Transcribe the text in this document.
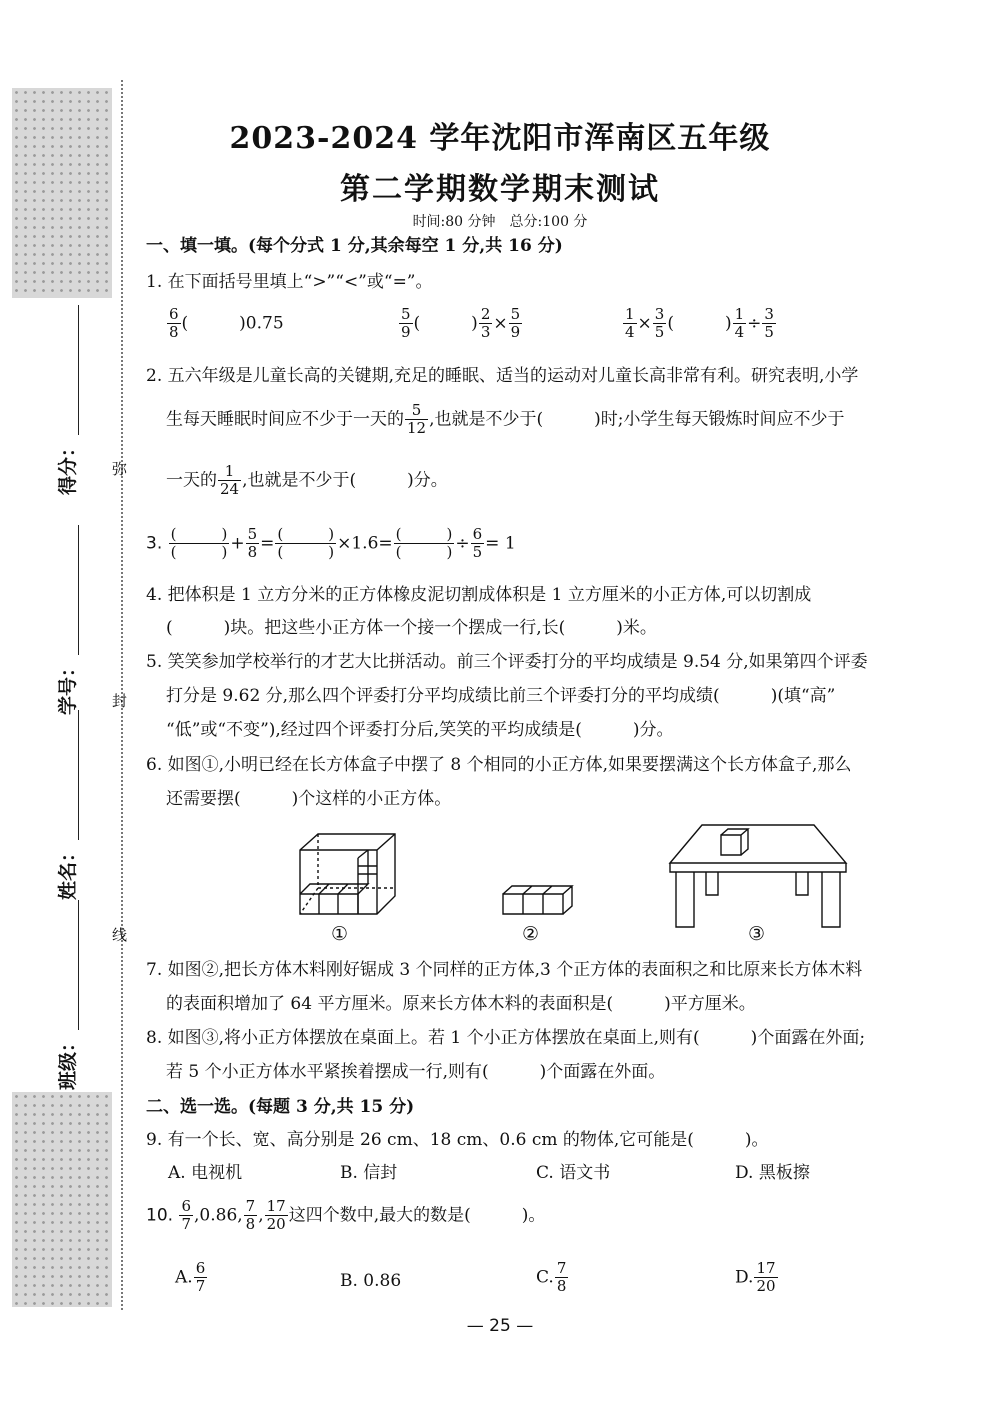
弥
封
线
得分：
学号：
姓名：
班级：
2023-2024 学年沈阳市浑南区五年级
第二学期数学期末测试
时间:80 分钟　总分:100 分
一、填一填。(每个分式 1 分,其余每空 1 分,共 16 分)
1. 在下面括号里填上“>”“<”或“=”。
$\frac{6}{8}$ (　　　)0.75	$\frac{5}{9}$ (　　　) $\frac{2}{3} \times \frac{5}{9}$	$\frac{1}{4} \times \frac{3}{5}$ (　　　) $\frac{1}{4} \div \frac{3}{5}$
2. 五六年级是儿童长高的关键期,充足的睡眠、适当的运动对儿童长高非常有利。研究表明,小学
生每天睡眠时间应不少于一天的 $\frac{5}{12}$ ,也就是不少于(　　　)时;小学生每天锻炼时间应不少于
一天的 $\frac{1}{24}$ ,也就是不少于(　　　)分。
3. $\frac{( )}{( )} + \frac{5}{8} = \frac{( )}{( )} \times 1.6= \frac{( )}{( )} \div \frac{6}{5} = 1$
4. 把体积是 1 立方分米的正方体橡皮泥切割成体积是 1 立方厘米的小正方体,可以切割成
(　　　)块。把这些小正方体一个接一个摆成一行,长(　　　)米。
5. 笑笑参加学校举行的才艺大比拼活动。前三个评委打分的平均成绩是 9.54 分,如果第四个评委
打分是 9.62 分,那么四个评委打分平均成绩比前三个评委打分的平均成绩(　　　)(填“高”
“低”或“不变”),经过四个评委打分后,笑笑的平均成绩是(　　　)分。
6. 如图①,小明已经在长方体盒子中摆了 8 个相同的小正方体,如果要摆满这个长方体盒子,那么
还需要摆(　　　)个这样的小正方体。
①	②	③
7. 如图②,把长方体木料刚好锯成 3 个同样的正方体,3 个正方体的表面积之和比原来长方体木料
的表面积增加了 64 平方厘米。原来长方体木料的表面积是(　　　)平方厘米。
8. 如图③,将小正方体摆放在桌面上。若 1 个小正方体摆放在桌面上,则有(　　　)个面露在外面;
若 5 个小正方体水平紧挨着摆成一行,则有(　　　)个面露在外面。
二、选一选。(每题 3 分,共 15 分)
9. 有一个长、宽、高分别是 26 cm、18 cm、0.6 cm 的物体,它可能是(　　　)。
A. 电视机	B. 信封	C. 语文书	D. 黑板擦
10. $\frac{6}{7} ,0.86$, $\frac{7}{8}$ , $\frac{17}{20}$ 这四个数中,最大的数是(　　　)。
A. $\frac{6}{7}$	B. 0.86	C. $\frac{7}{8}$	D. $\frac{17}{20}$
— 25 —
